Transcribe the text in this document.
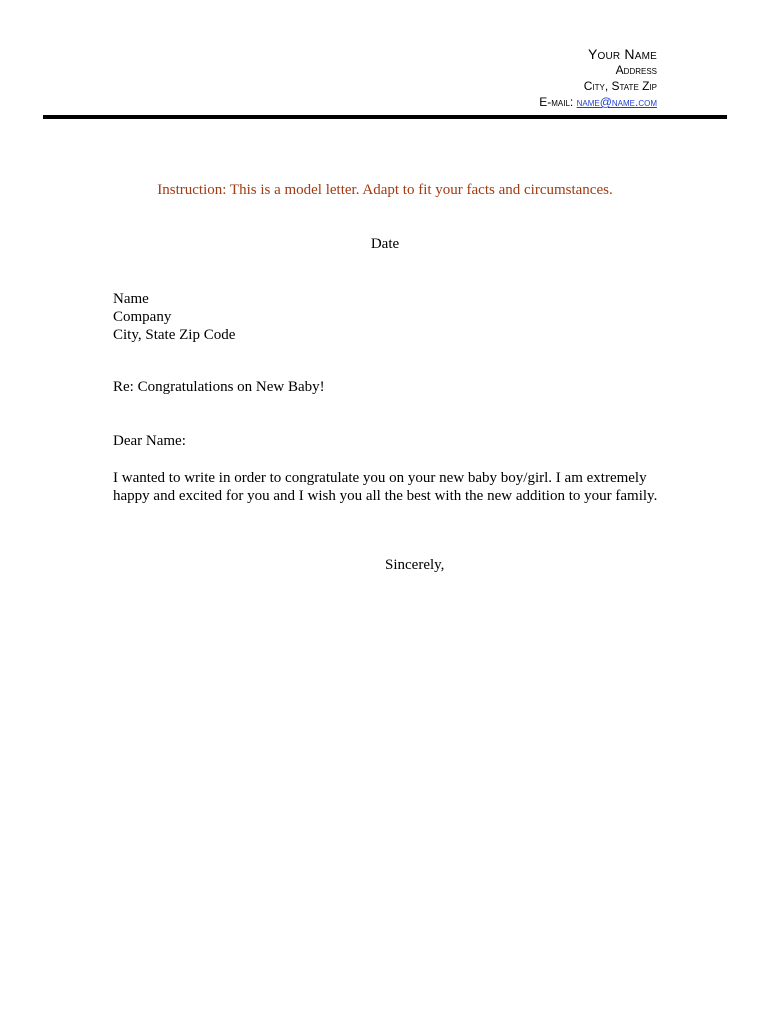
Your Name
Address
City, State Zip
E-mail: name@name.com
Instruction: This is a model letter. Adapt to fit your facts and circumstances.
Date
Name
Company
City, State Zip Code
Re: Congratulations on New Baby!
Dear Name:
I wanted to write in order to congratulate you on your new baby boy/girl. I am extremely
happy and excited for you and I wish you all the best with the new addition to your family.
Sincerely,
